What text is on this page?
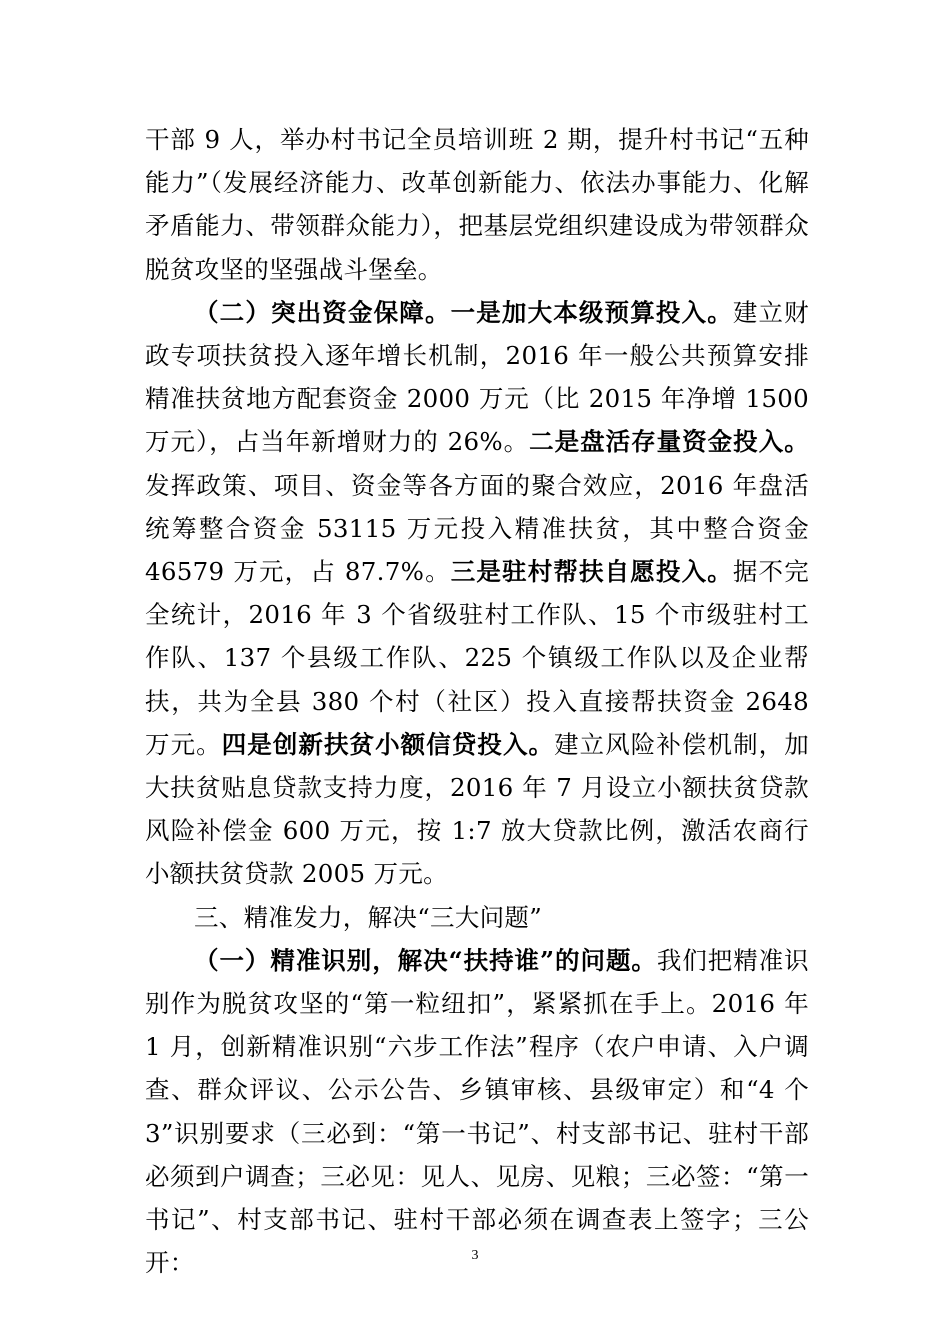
干部 9 人，举办村书记全员培训班 2 期，提升村书记“五种能力”（发展经济能力、改革创新能力、依法办事能力、化解矛盾能力、带领群众能力），把基层党组织建设成为带领群众脱贫攻坚的坚强战斗堡垒。

（二）突出资金保障。一是加大本级预算投入。建立财政专项扶贫投入逐年增长机制，2016 年一般公共预算安排精准扶贫地方配套资金 2000 万元（比 2015 年净增 1500 万元），占当年新增财力的 26%。二是盘活存量资金投入。发挥政策、项目、资金等各方面的聚合效应，2016 年盘活统筹整合资金 53115 万元投入精准扶贫，其中整合资金 46579 万元，占 87.7%。三是驻村帮扶自愿投入。据不完全统计，2016 年 3 个省级驻村工作队、15 个市级驻村工作队、137 个县级工作队、225 个镇级工作队以及企业帮扶，共为全县 380 个村（社区）投入直接帮扶资金 2648 万元。四是创新扶贫小额信贷投入。建立风险补偿机制，加大扶贫贴息贷款支持力度，2016 年 7 月设立小额扶贫贷款风险补偿金 600 万元，按 1:7 放大贷款比例，激活农商行小额扶贫贷款 2005 万元。

三、精准发力，解决“三大问题”

（一）精准识别，解决“扶持谁”的问题。我们把精准识别作为脱贫攻坚的“第一粒纽扣”，紧紧抓在手上。2016 年 1 月，创新精准识别“六步工作法”程序（农户申请、入户调查、群众评议、公示公告、乡镇审核、县级审定）和“4 个 3”识别要求（三必到：“第一书记”、村支部书记、驻村干部必须到户调查；三必见：见人、见房、见粮；三必签：“第一书记”、村支部书记、驻村干部必须在调查表上签字；三公开：	3
